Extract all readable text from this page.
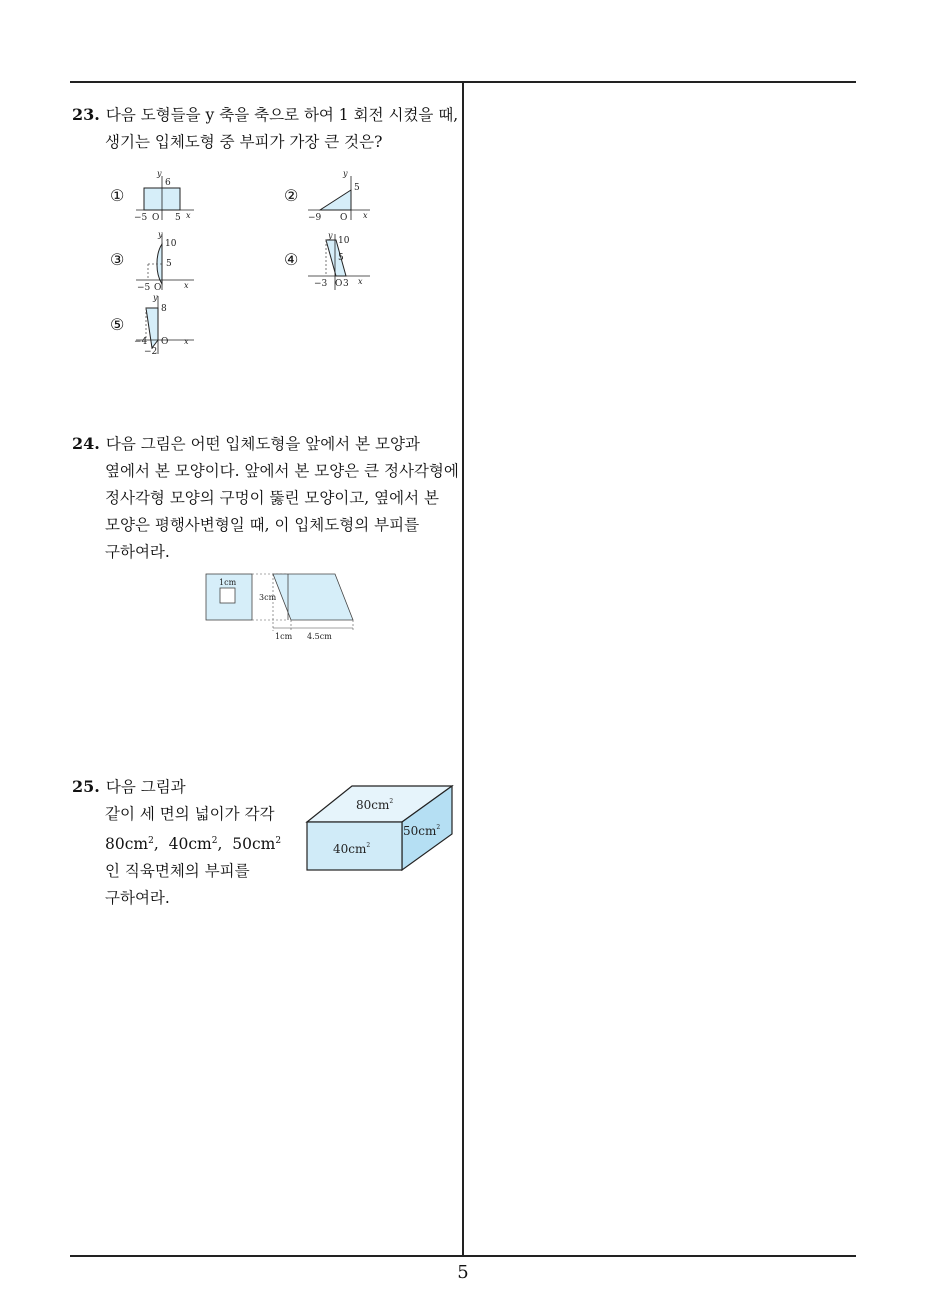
23. 다음 도형들을 y 축을 축으로 하여 1 회전 시켰을 때,
생기는 입체도형 중 부피가 가장 큰 것은?
①	②
③	④
⑤
y
6
−5 O 5 x
y
5
−9 O x
y
10
5
−5 O	x
y
10
5
−3 O 3 x
y
8
−4 O
−2
x
24. 다음 그림은 어떤 입체도형을 앞에서 본 모양과
옆에서 본 모양이다. 앞에서 본 모양은 큰 정사각형에
정사각형 모양의 구멍이 뚫린 모양이고, 옆에서 본
모양은 평행사변형일 때, 이 입체도형의 부피를
구하여라.
1cm
3cm
1cm 4.5cm
25. 다음 그림과
같이 세 면의 넓이가 각각
$80cm^2$,  $40cm^2$,  $50cm^2$
인 직육면체의 부피를
구하여라.
$80cm^2$
$40cm^2$
$50cm^2$
5
